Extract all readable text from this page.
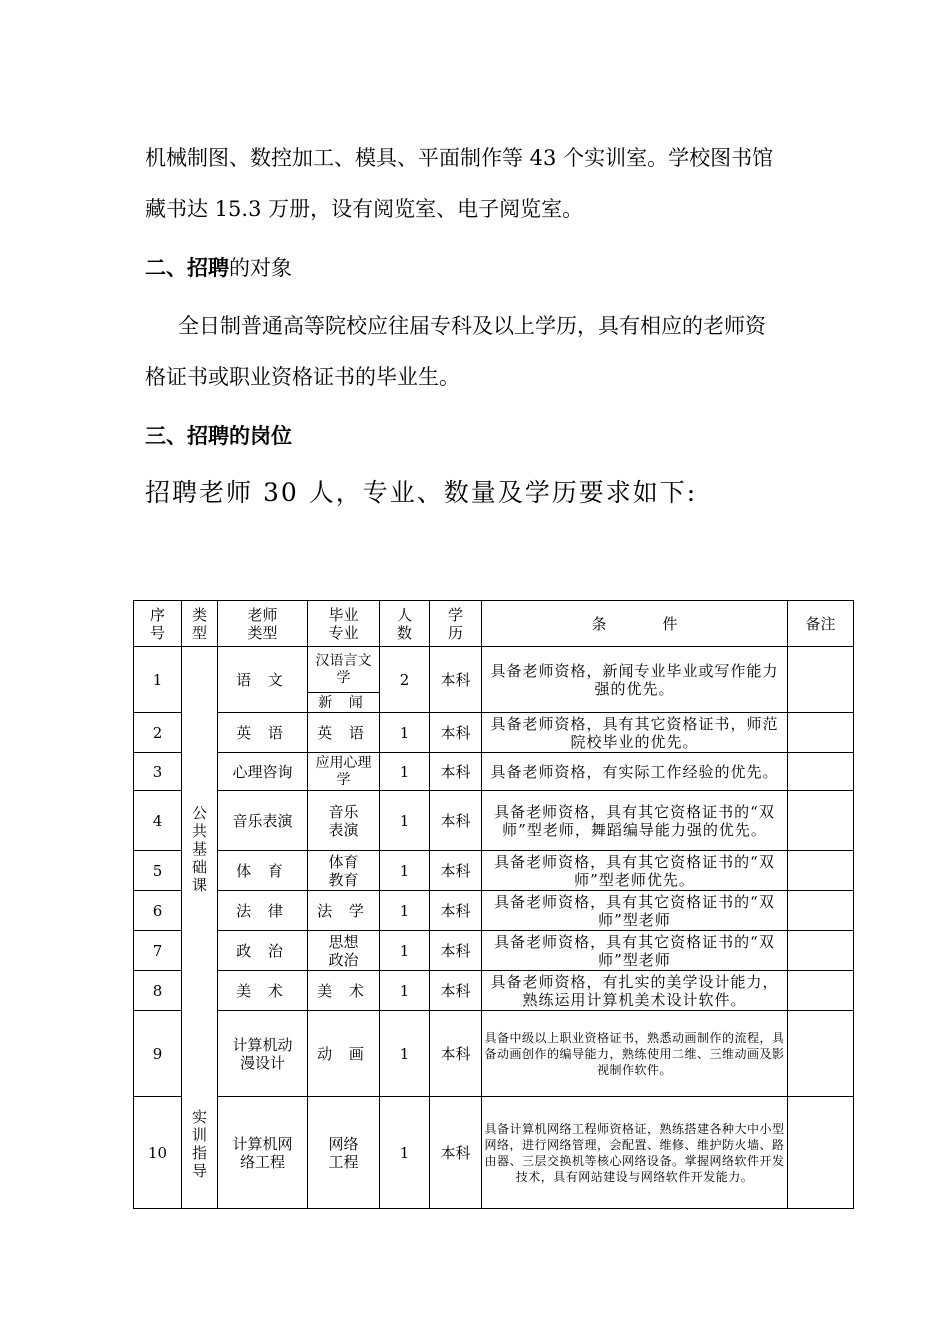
机械制图、数控加工、模具、平面制作等 43 个实训室。学校图书馆
藏书达 15.3 万册，设有阅览室、电子阅览室。
二、招聘的对象
全日制普通高等院校应往届专科及以上学历，具有相应的老师资
格证书或职业资格证书的毕业生。
三、招聘的岗位
招聘老师 30 人，专业、数量及学历要求如下:
序号	类型	老师类型	毕业专业	人数	学历	条 件	备注
1	公共基础课	语 文	汉语言文学	2	本科	具备老师资格，新闻专业毕业或写作能力强的优先。	
			新 闻				
2		英 语	英 语	1	本科	具备老师资格，具有其它资格证书，师范院校毕业的优先。	
3		心理咨询	应用心理学	1	本科	具备老师资格，有实际工作经验的优先。	
4		音乐表演	音乐表演	1	本科	具备老师资格，具有其它资格证书的“双师”型老师，舞蹈编导能力强的优先。	
5		体 育	体育教育	1	本科	具备老师资格，具有其它资格证书的“双师”型老师优先。	
6		法 律	法 学	1	本科	具备老师资格，具有其它资格证书的“双师”型老师	
7		政 治	思想政治	1	本科	具备老师资格，具有其它资格证书的“双师”型老师	
8		美 术	美 术	1	本科	具备老师资格，有扎实的美学设计能力，熟练运用计算机美术设计软件。	
9	实训指导	计算机动漫设计	动 画	1	本科	具备中级以上职业资格证书，熟悉动画制作的流程，具备动画创作的编导能力，熟练使用二维、三维动画及影视制作软件。	
10		计算机网络工程	网络工程	1	本科	具备计算机网络工程师资格证，熟练搭建各种大中小型网络，进行网络管理，会配置、维修、维护防火墙、路由器、三层交换机等核心网络设备。掌握网络软件开发技术，具有网站建设与网络软件开发能力。	
